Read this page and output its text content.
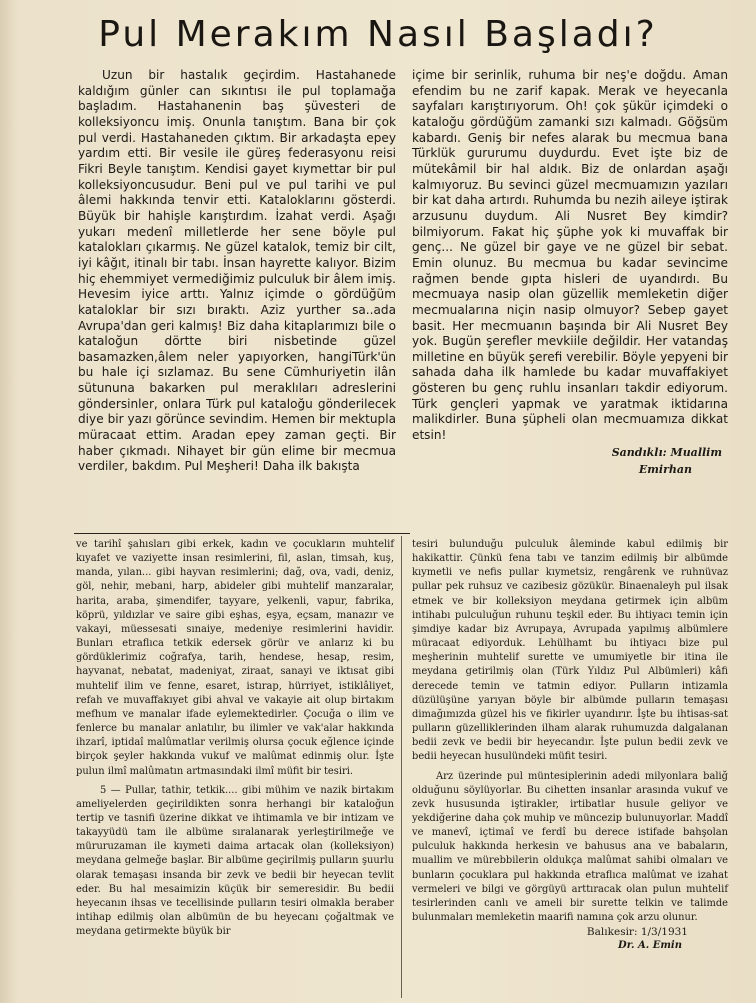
Pul Merakım Nasıl Başladı?

Uzun bir hastalık geçirdim. Hastahanede kaldığım günler can sıkıntısı ile pul toplamağa başladım. Hastahanenin baş şüvesteri de kolleksiyoncu imiş. Onunla tanıştım. Bana bir çok pul verdi. Hastahaneden çıktım. Bir arkadaşta epey yardım etti. Bir vesile ile güreş federasyonu reisi Fikri Beyle tanıştım. Kendisi gayet kıymettar bir pul kolleksiyoncusudur. Beni pul ve pul tarihi ve pul âlemi hakkında tenvir etti. Kataloklarını gösterdi. Büyük bir hahişle karıştırdım. İzahat verdi. Aşağı yukarı medenî milletlerde her sene böyle pul katalokları çıkarmış. Ne güzel katalok, temiz bir cilt, iyi kâğıt, itinalı bir tabı. İnsan hayrette kalıyor. Bizim hiç ehemmiyet vermediğimiz pulculuk bir âlem imiş. Hevesim iyice arttı. Yalnız içimde o gördüğüm kataloklar bir sızı bıraktı. Aziz yurther sa..ada Avrupa'dan geri kalmış! Biz daha kitaplarımızı bile o kataloğun dörtte biri nisbetinde güzel basamazken,âlem neler yapıyorken, hangiTürk'ün bu hale içi sızlamaz. Bu sene Cümhuriyetin ilân sütununa bakarken pul meraklıları adreslerini göndersinler, onlara Türk pul kataloğu gönderilecek diye bir yazı görünce sevindim. Hemen bir mektupla müracaat ettim. Aradan epey zaman geçti. Bir haber çıkmadı. Nihayet bir gün elime bir mecmua verdiler, bakdım. Pul Meşheri! Daha ilk bakışta

içime bir serinlik, ruhuma bir neş'e doğdu. Aman efendim bu ne zarif kapak. Merak ve heyecanla sayfaları karıştırıyorum. Oh! çok şükür içimdeki o kataloğu gördüğüm zamanki sızı kalmadı. Göğsüm kabardı. Geniş bir nefes alarak bu mecmua bana Türklük gururumu duydurdu. Evet işte biz de mütekâmil bir hal aldık. Biz de onlardan aşağı kalmıyoruz. Bu sevinci güzel mecmuamızın yazıları bir kat daha artırdı. Ruhumda bu nezih aileye iştirak arzusunu duydum. Ali Nusret Bey kimdir? bilmiyorum. Fakat hiç şüphe yok ki muvaffak bir genç... Ne güzel bir gaye ve ne güzel bir sebat. Emin olunuz. Bu mecmua bu kadar sevincime rağmen bende gıpta hisleri de uyandırdı. Bu mecmuaya nasip olan güzellik memleketin diğer mecmualarına niçin nasip olmuyor? Sebep gayet basit. Her mecmuanın başında bir Ali Nusret Bey yok. Bugün şerefler mevkiile değildir. Her vatandaş milletine en büyük şerefi verebilir. Böyle yepyeni bir sahada daha ilk hamlede bu kadar muvaffakiyet gösteren bu genç ruhlu insanları takdir ediyorum. Türk gençleri yapmak ve yaratmak iktidarına malikdirler. Buna şüpheli olan mecmuamıza dikkat etsin!

Sandıklı: Muallim
Emirhan

ve tarihî şahısları gibi erkek, kadın ve çocukların muhtelif kıyafet ve vaziyette insan resimlerini, fil, aslan, timsah, kuş, manda, yılan... gibi hayvan resimlerini; dağ, ova, vadi, deniz, göl, nehir, mebani, harp, abideler gibi muhtelif manzaralar, harita, araba, şimendifer, tayyare, yelkenli, vapur, fabrika, köprü, yıldızlar ve saire gibi eşhas, eşya, eçsam, manazır ve vakayi, müessesati sınaiye, medeniye resimlerini havidir. Bunları etraflıca tetkik edersek görür ve anlarız ki bu gördüklerimiz coğrafya, tarih, hendese, hesap, resim, hayvanat, nebatat, madeniyat, ziraat, sanayi ve iktısat gibi muhtelif ilim ve fenne, esaret, istırap, hürriyet, istiklâliyet, refah ve muvaffakıyet gibi ahval ve vakayie ait olup birtakım mefhum ve manalar ifade eylemektedirler. Çocuğa o ilim ve fenlerce bu manalar anlatılır, bu ilimler ve vak'alar hakkında ihzarî, iptidaî malûmatlar verilmiş olursa çocuk eğlence içinde birçok şeyler hakkında vukuf ve malûmat edinmiş olur. İşte pulun ilmî malûmatın artmasındaki ilmî müfit bir tesiri.

5 — Pullar, tathir, tetkik.... gibi mühim ve nazik birtakım ameliyelerden geçirildikten sonra herhangi bir kataloğun tertip ve tasnifi üzerine dikkat ve ihtimamla ve bir intizam ve takayyüdü tam ile albüme sıralanarak yerleştirilmeğe ve müruruzaman ile kıymeti daima artacak olan (kolleksiyon) meydana gelmeğe başlar. Bir albüme geçirilmiş pulların şuurlu olarak temaşası insanda bir zevk ve bedii bir heyecan tevlit eder. Bu hal mesaimizin küçük bir semeresidir. Bu bedii heyecanın ihsas ve tecellisinde pulların tesiri olmakla beraber intihap edilmiş olan albümün de bu heyecanı çoğaltmak ve meydana getirmekte büyük bir

tesiri bulunduğu pulculuk âleminde kabul edilmiş bir hakikattir. Çünkü fena tabı ve tanzim edilmiş bir albümde kıymetli ve nefis pullar kıymetsiz, rengârenk ve ruhnüvaz pullar pek ruhsuz ve cazibesiz gözükür. Binaenaleyh pul ilsak etmek ve bir kolleksiyon meydana getirmek için albüm intihabı pulculuğun ruhunu teşkil eder. Bu ihtiyacı temin için şimdiye kadar biz Avrupaya, Avrupada yapılmış albümlere müracaat ediyorduk. Lehülhamt bu ihtiyacı bize pul meşherinin muhtelif surette ve umumiyetle bir itina ile meydana getirilmiş olan (Türk Yıldız Pul Albümleri) kâfi derecede temin ve tatmin ediyor. Pulların intizamla düzülüşüne yarıyan böyle bir albümde pulların temaşası dimağımızda güzel his ve fikirler uyandırır. İşte bu ihtisas-sat pulların güzelliklerinden ilham alarak ruhumuzda dalgalanan bedii zevk ve bedii bir heyecandır. İşte pulun bedii zevk ve bedii heyecan husulündeki müfit tesiri.

Arz üzerinde pul müntesiplerinin adedi milyonlara baliğ olduğunu söylüyorlar. Bu cihetten insanlar arasında vukuf ve zevk hususunda iştirakler, irtibatlar husule geliyor ve yekdiğerine daha çok muhip ve müncezip bulunuyorlar. Maddî ve manevî, içtimaî ve ferdî bu derece istifade bahşolan pulculuk hakkında herkesin ve bahusus ana ve babaların, muallim ve mürebbilerin oldukça malûmat sahibi olmaları ve bunların çocuklara pul hakkında etraflıca malûmat ve izahat vermeleri ve bilgi ve görgüyü arttıracak olan pulun muhtelif tesirlerinden canlı ve ameli bir surette telkin ve talimde bulunmaları memleketin maarifi namına çok arzu olunur.

Balıkesir: 1/3/1931
Dr. A. Emin
